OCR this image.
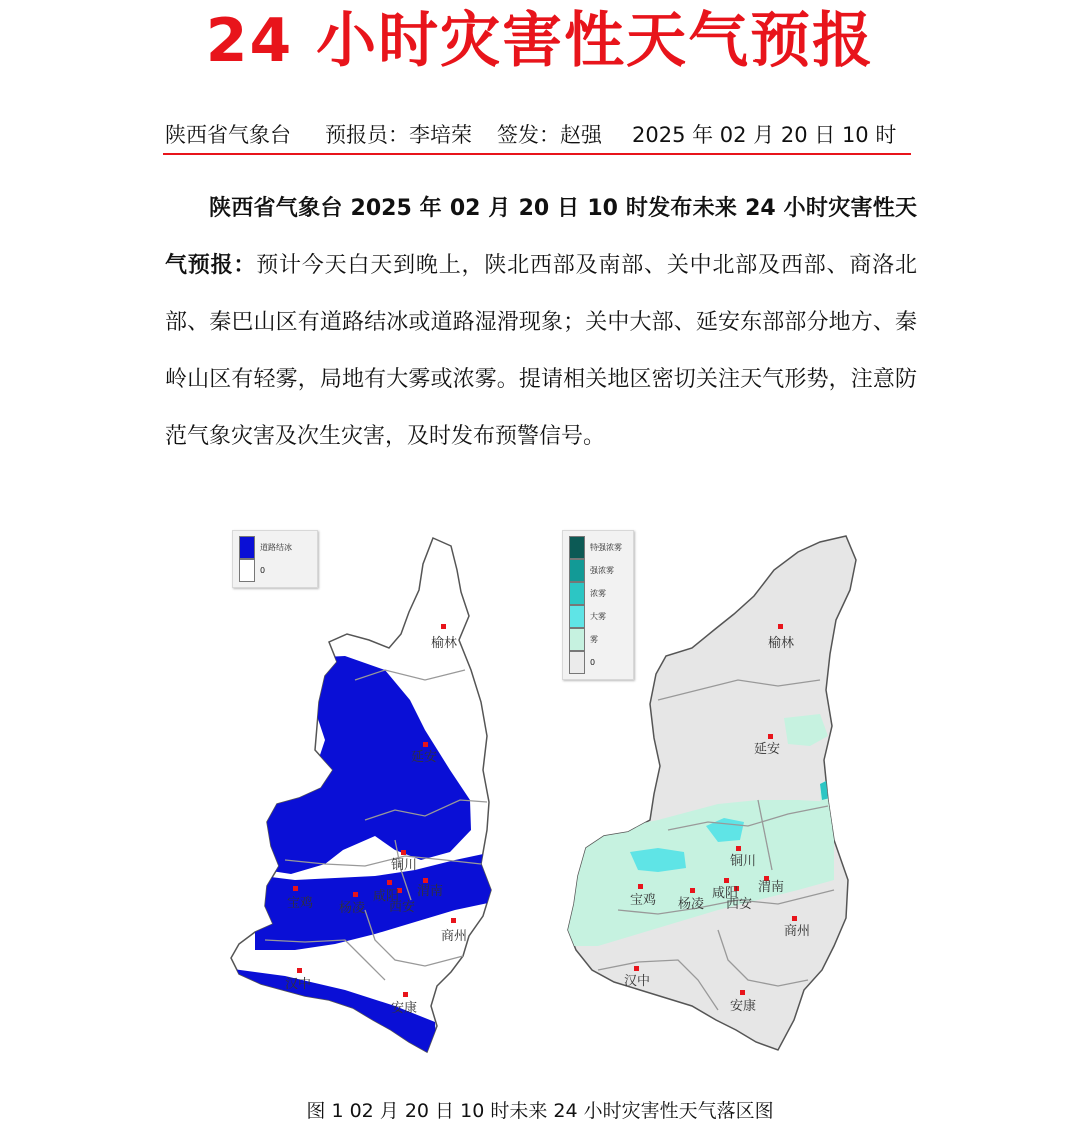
24 小时灾害性天气预报
陕西省气象台 预报员：李培荣 签发：赵强 2025 年 02 月 20 日 10 时
陕西省气象台 2025 年 02 月 20 日 10 时发布未来 24 小时灾害性天气预报：预计今天白天到晚上，陕北西部及南部、关中北部及西部、商洛北部、秦巴山区有道路结冰或道路湿滑现象；关中大部、延安东部部分地方、秦岭山区有轻雾，局地有大雾或浓雾。提请相关地区密切关注天气形势，注意防范气象灾害及次生灾害，及时发布预警信号。
榆林
延安
铜川
宝鸡 杨凌
咸阳
西安
渭南
商州
汉中
安康
道路结冰
0
榆林
延安
铜川
宝鸡 杨凌
咸阳
西安
渭南
商州
汉中
安康
特强浓雾
强浓雾
浓雾
大雾
雾
0
图 1 02 月 20 日 10 时未来 24 小时灾害性天气落区图
